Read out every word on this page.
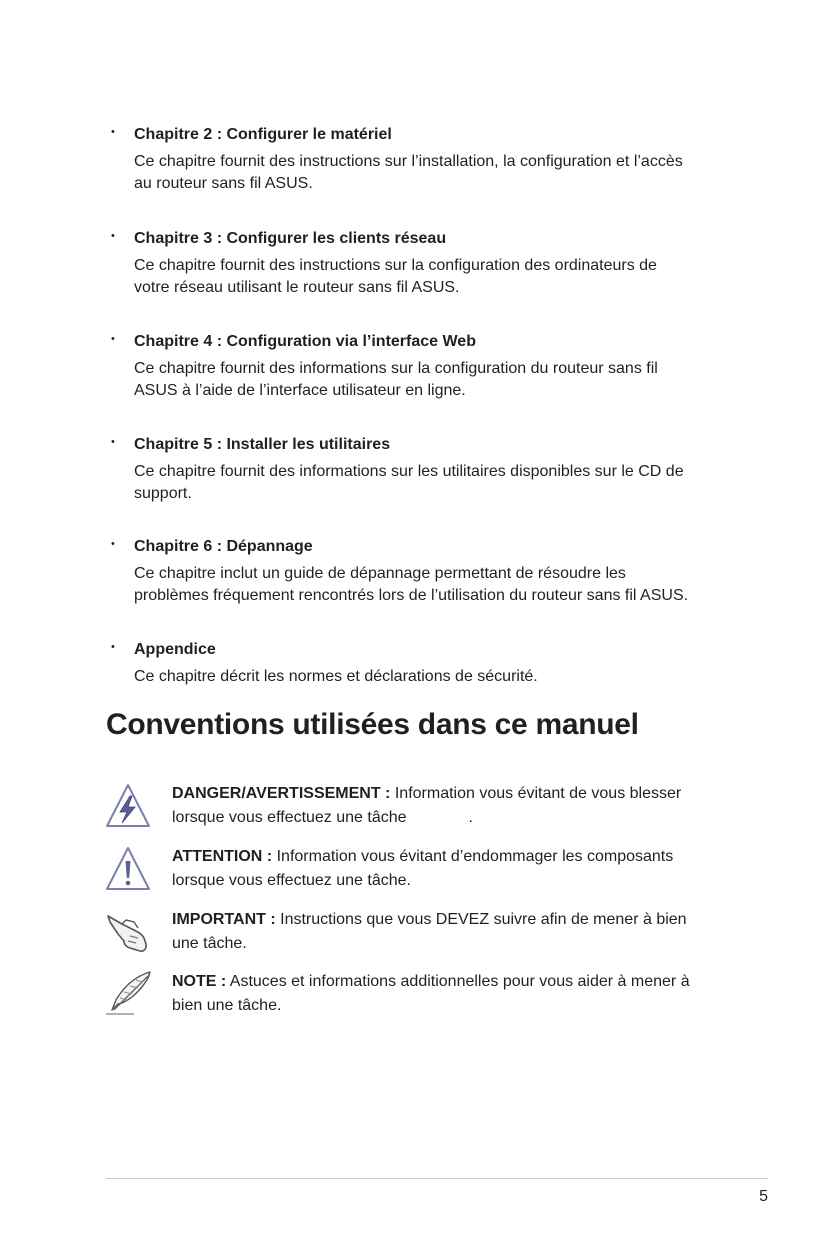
• Chapitre 2 : Configurer le matériel
Ce chapitre fournit des instructions sur l’installation, la configuration et l’accès
au routeur sans fil ASUS.
• Chapitre 3 : Configurer les clients réseau
Ce chapitre fournit des instructions sur la configuration des ordinateurs de
votre réseau utilisant le routeur sans fil ASUS.
• Chapitre 4 : Configuration via l’interface Web
Ce chapitre fournit des informations sur la configuration du routeur sans fil
ASUS à l’aide de l’interface utilisateur en ligne.
• Chapitre 5 : Installer les utilitaires
Ce chapitre fournit des informations sur les utilitaires disponibles sur le CD de
support.
• Chapitre 6 : Dépannage
Ce chapitre inclut un guide de dépannage permettant de résoudre les
problèmes fréquement rencontrés lors de l’utilisation du routeur sans fil ASUS.
• Appendice
Ce chapitre décrit les normes et déclarations de sécurité.
Conventions utilisées dans ce manuel
DANGER/AVERTISSEMENT : Information vous évitant de vous blesser
lorsque vous effectuez une tâche	.
ATTENTION : Information vous évitant d’endommager les composants
lorsque vous effectuez une tâche.
IMPORTANT : Instructions que vous DEVEZ suivre afin de mener à bien
une tâche.
NOTE : Astuces et informations additionnelles pour vous aider à mener à
bien une tâche.
5
